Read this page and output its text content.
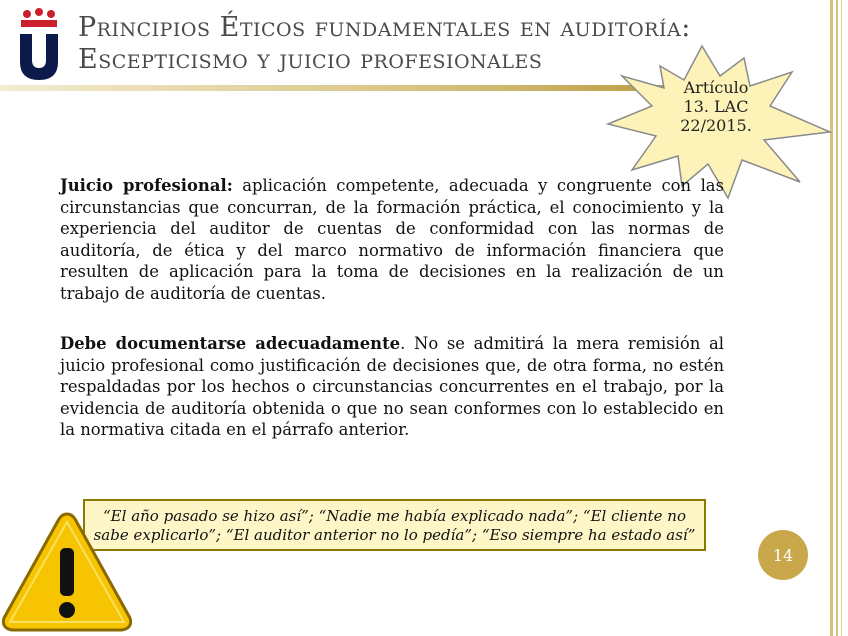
Principios Éticos fundamentales en auditoría:
Escepticismo y juicio profesionales
Artículo
13. LAC
22/2015.
Juicio profesional: aplicación competente, adecuada y congruente con las circunstancias que concurran, de la formación práctica, el conocimiento y la experiencia del auditor de cuentas de conformidad con las normas de auditoría, de ética y del marco normativo de información financiera que resulten de aplicación para la toma de decisiones en la realización de un trabajo de auditoría de cuentas.
Debe documentarse adecuadamente. No se admitirá la mera remisión al juicio profesional como justificación de decisiones que, de otra forma, no estén respaldadas por los hechos o circunstancias concurrentes en el trabajo, por la evidencia de auditoría obtenida o que no sean conformes con lo establecido en la normativa citada en el párrafo anterior.
“El año pasado se hizo así”; “Nadie me había explicado nada”; “El cliente no sabe explicarlo”; “El auditor anterior no lo pedía”; “Eso siempre ha estado así”
14
